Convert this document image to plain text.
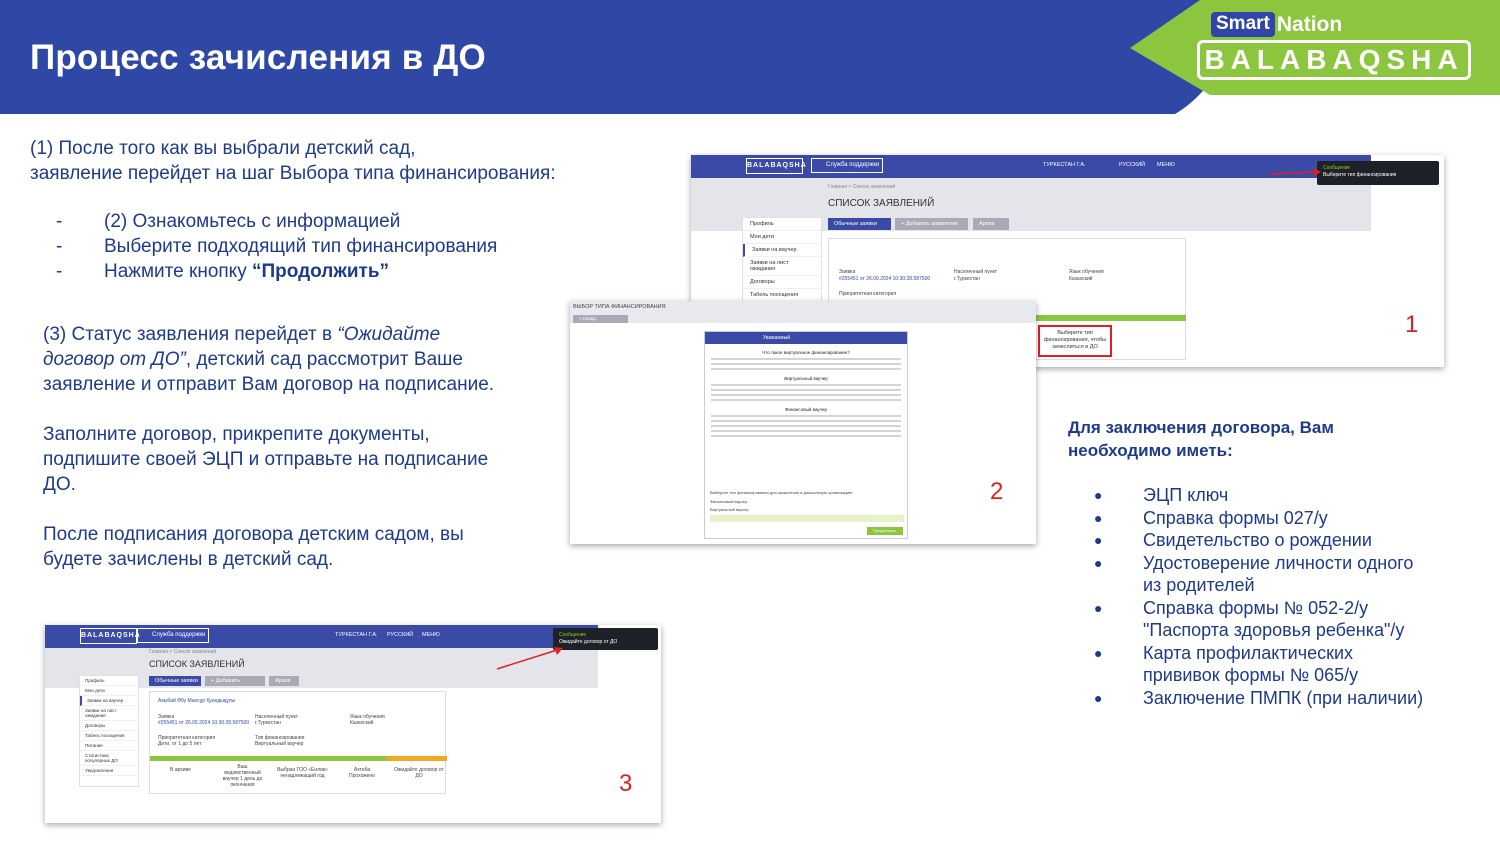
Процесс зачисления в ДО
Smart Nation
BALABAQSHA
(1) После того как вы выбрали детский сад,
заявление перейдет на шаг Выбора типа финансирования:
-	(2) Ознакомьтесь с информацией
-	Выберите подходящий тип финансирования
-	Нажмите кнопку “Продолжить”

(3) Статус заявления перейдет в “Ожидайте договор от ДО”, детский сад рассмотрит Ваше заявление и отправит Вам договор на подписание.

Заполните договор, прикрепите документы, подпишите своей ЭЦП и отправьте на подписание ДО.

После подписания договора детским садом, вы будете зачислены в детский сад.

Для заключения договора, Вам необходимо иметь:
●	ЭЦП ключ
●	Справка формы 027/у
●	Свидетельство о рождении
●	Удостоверение личности одного из родителей
●	Справка формы № 052-2/у "Паспорта здоровья ребенка"/у
●	Карта профилактических прививок формы № 065/у
●	Заключение ПМПК (при наличии)
BALABAQSHA	Служба поддержки	ТУРКЕСТАН Г.А.	РУССКИЙ МЕНЮ
Главная > Список заявлений
СПИСОК ЗАЯВЛЕНИЙ
Обычные заявки	+ Добавить заявление	Архив
Профиль
Мои дети
Заявки на ваучер
Заявки на лист ожидания
Договоры
Табель посещения
Заявка
#255451 от 26.09.2024 10:30:28.587500
Населенный пункт
г.Туркестан
Язык обучения
Казахский
Приоритетная категория
Выберите тип финансирования, чтобы зачислиться в ДО
Сообщение
Выберите тип финансирования
1
ВЫБОР ТИПА ФИНАНСИРОВАНИЯ
< Назад
Уважаемый
Что такое виртуальное финансирование?
Виртуальный ваучер
Финансовый ваучер
Выберите тип финансирования для зачисления в дошкольную организацию:
Финансовый ваучер
Виртуальный ваучер
Продолжить
2
BALABAQSHA	Служба поддержки	ТУРКЕСТАН Г.А. РУССКИЙ МЕНЮ
Главная > Список заявлений
СПИСОК ЗАЯВЛЕНИЙ
Обычные заявки	+ Добавить	Архив
Профиль
Мои дети
Заявки на ваучер
Заявки на лист ожидания
Договоры
Табель посещения
Питание
Статистика популярных ДО
Уведомления
Ахыбай Әбу Мансұр Қуандықұлы
Заявка
#255451 от 26.09.2024 10:30:28.587500
Населенный пункт
г.Туркестан
Язык обучения
Казахский
Приоритетная категория
Дети, от 1 до 5 лет
Тип финансирования
Виртуальный ваучер
В архиве	Ваш ведомственный ваучер 1 день до окончания
Выбран ГОО «Енлик» ненадлежащий год
Ахтеба Прохожено
Ожидайте договор от ДО
Сообщение
Ожидайте договор от ДО
3
